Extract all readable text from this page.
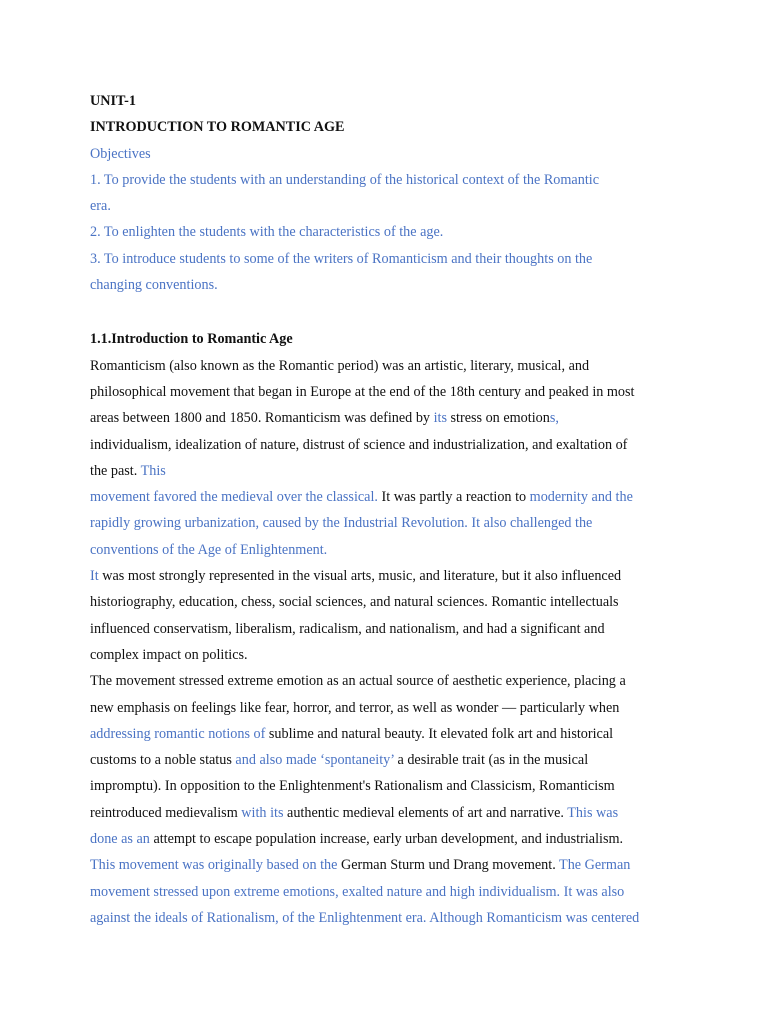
UNIT-1
INTRODUCTION TO ROMANTIC AGE
Objectives
1. To provide the students with an understanding of the historical context of the Romantic
era.
2. To enlighten the students with the characteristics of the age.
3. To introduce students to some of the writers of Romanticism and their thoughts on the
changing conventions.
1.1.Introduction to Romantic Age
Romanticism (also known as the Romantic period) was an artistic, literary, musical, and
philosophical movement that began in Europe at the end of the 18th century and peaked in most
areas between 1800 and 1850. Romanticism was defined by its stress on emotions,
individualism, idealization of nature, distrust of science and industrialization, and exaltation of
the past. This
movement favored the medieval over the classical. It was partly a reaction to modernity and the
rapidly growing urbanization, caused by the Industrial Revolution. It also challenged the
conventions of the Age of Enlightenment.
It was most strongly represented in the visual arts, music, and literature, but it also influenced
historiography, education, chess, social sciences, and natural sciences. Romantic intellectuals
influenced conservatism, liberalism, radicalism, and nationalism, and had a significant and
complex impact on politics.
The movement stressed extreme emotion as an actual source of aesthetic experience, placing a
new emphasis on feelings like fear, horror, and terror, as well as wonder — particularly when
addressing romantic notions of sublime and natural beauty. It elevated folk art and historical
customs to a noble status and also made ‘spontaneity’ a desirable trait (as in the musical
impromptu). In opposition to the Enlightenment's Rationalism and Classicism, Romanticism
reintroduced medievalism with its authentic medieval elements of art and narrative. This was
done as an attempt to escape population increase, early urban development, and industrialism.
This movement was originally based on the German Sturm und Drang movement. The German
movement stressed upon extreme emotions, exalted nature and high individualism. It was also
against the ideals of Rationalism, of the Enlightenment era. Although Romanticism was centered
